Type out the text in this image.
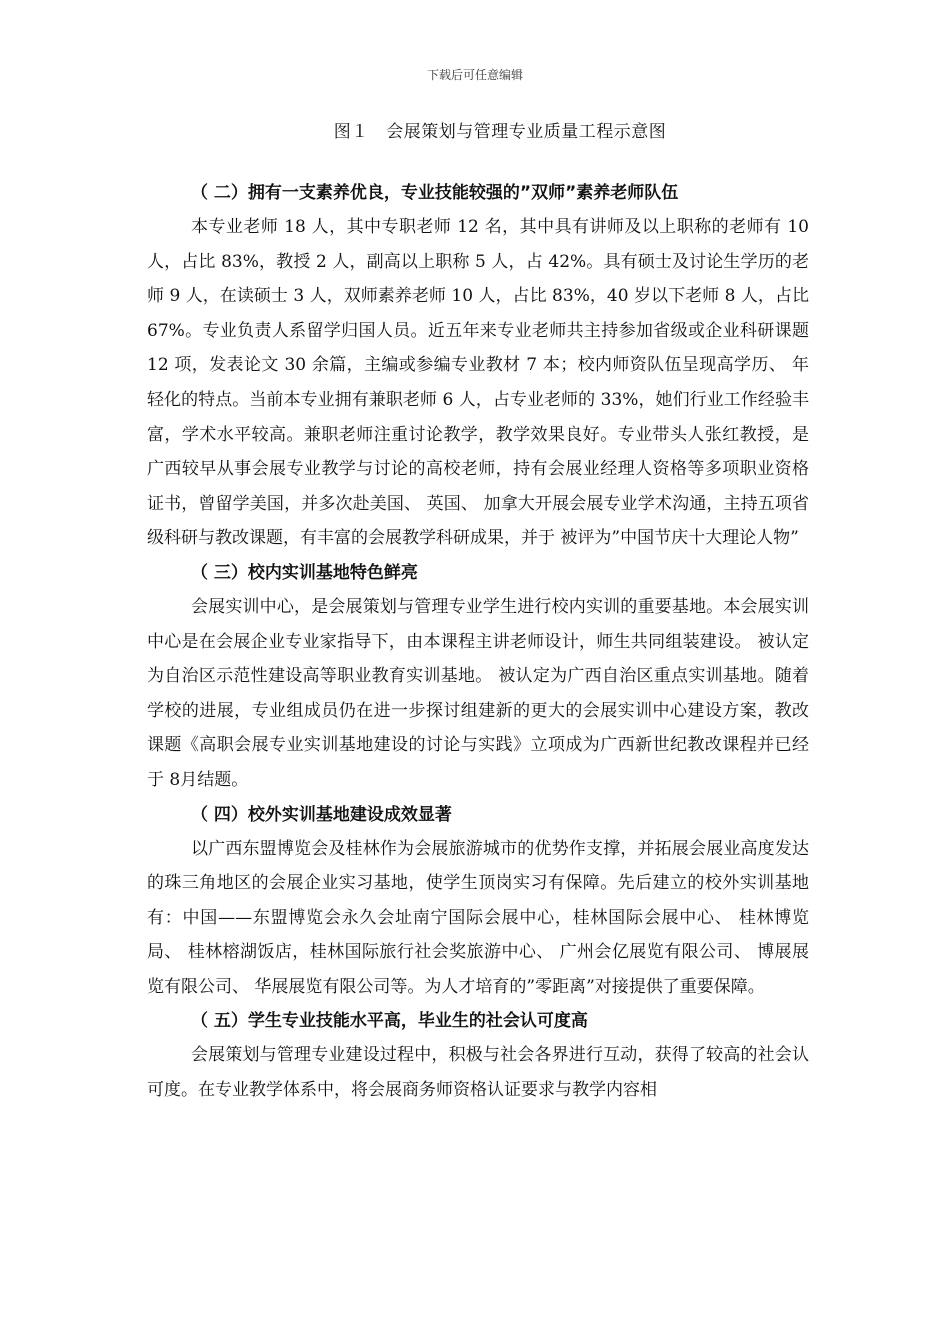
下载后可任意编辑
图１　会展策划与管理专业质量工程示意图

（ 二）拥有一支素养优良，专业技能较强的”双师”素养老师队伍

本专业老师 18 人，其中专职老师 12 名，其中具有讲师及以上职称的老师有 10 人，占比 83%，教授 2 人，副高以上职称 5 人，占 42%。具有硕士及讨论生学历的老师 9 人，在读硕士 3 人，双师素养老师 10 人，占比 83%，40 岁以下老师 8 人，占比 67%。专业负责人系留学归国人员。近五年来专业老师共主持参加省级或企业科研课题 12 项，发表论文 30 余篇，主编或参编专业教材 7 本；校内师资队伍呈现高学历、 年轻化的特点。当前本专业拥有兼职老师 6 人，占专业老师的 33%，她们行业工作经验丰富，学术水平较高。兼职老师注重讨论教学，教学效果良好。专业带头人张红教授，是广西较早从事会展专业教学与讨论的高校老师，持有会展业经理人资格等多项职业资格证书，曾留学美国，并多次赴美国、 英国、 加拿大开展会展专业学术沟通，主持五项省级科研与教改课题，有丰富的会展教学科研成果，并于 被评为”中国节庆十大理论人物”

（ 三）校内实训基地特色鲜亮

会展实训中心，是会展策划与管理专业学生进行校内实训的重要基地。本会展实训中心是在会展企业专业家指导下，由本课程主讲老师设计，师生共同组装建设。 被认定为自治区示范性建设高等职业教育实训基地。 被认定为广西自治区重点实训基地。随着学校的进展，专业组成员仍在进一步探讨组建新的更大的会展实训中心建设方案，教改课题《高职会展专业实训基地建设的讨论与实践》立项成为广西新世纪教改课程并已经于 8月结题。

（ 四）校外实训基地建设成效显著

以广西东盟博览会及桂林作为会展旅游城市的优势作支撑，并拓展会展业高度发达的珠三角地区的会展企业实习基地，使学生顶岗实习有保障。先后建立的校外实训基地有：中国——东盟博览会永久会址南宁国际会展中心，桂林国际会展中心、 桂林博览局、 桂林榕湖饭店，桂林国际旅行社会奖旅游中心、 广州会亿展览有限公司、 博展展览有限公司、 华展展览有限公司等。为人才培育的”零距离”对接提供了重要保障。

（ 五）学生专业技能水平高，毕业生的社会认可度高

会展策划与管理专业建设过程中，积极与社会各界进行互动，获得了较高的社会认可度。在专业教学体系中，将会展商务师资格认证要求与教学内容相
